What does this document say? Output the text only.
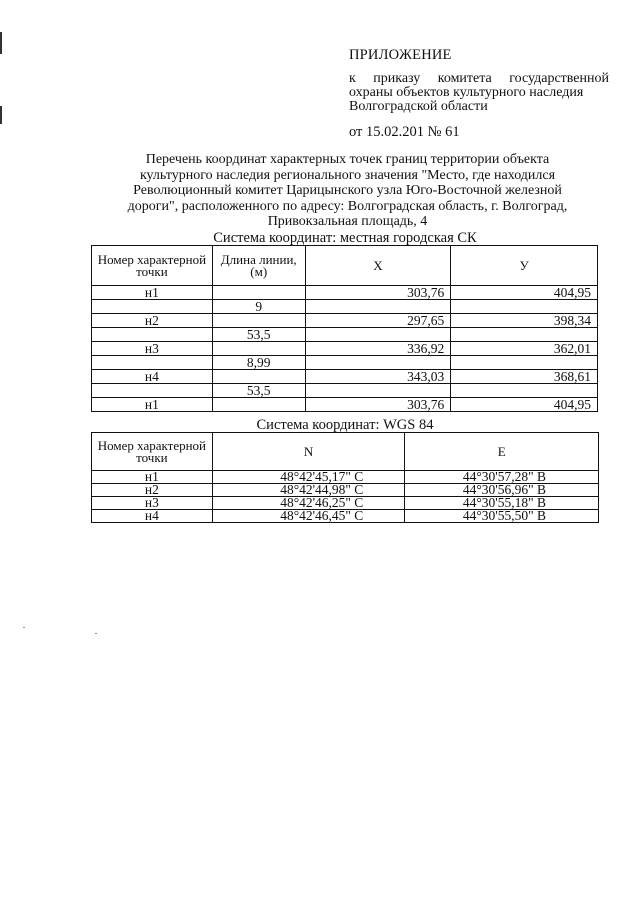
ПРИЛОЖЕНИЕ
к приказу комитета государственной
охраны объектов культурного наследия
Волгоградской области
от 15.02.201 № 61
Перечень координат характерных точек границ территории объекта
культурного наследия регионального значения "Место, где находился
Революционный комитет Царицынского узла Юго-Восточной железной
дороги", расположенного по адресу: Волгоградская область, г. Волгоград,
Привокзальная площадь, 4
Система координат: местная городская СК
Номер характерной точки	Длина линии, (м)	X	У
н1		303,76	404,95
	9		
н2		297,65	398,34
	53,5		
н3		336,92	362,01
	8,99		
н4		343,03	368,61
	53,5		
н1		303,76	404,95
Система координат: WGS 84
Номер характерной точки	N	E
н1	48°42'45,17" С	44°30'57,28" В
н2	48°42'44,98" С	44°30'56,96" В
н3	48°42'46,25" С	44°30'55,18" В
н4	48°42'46,45" С	44°30'55,50" В
